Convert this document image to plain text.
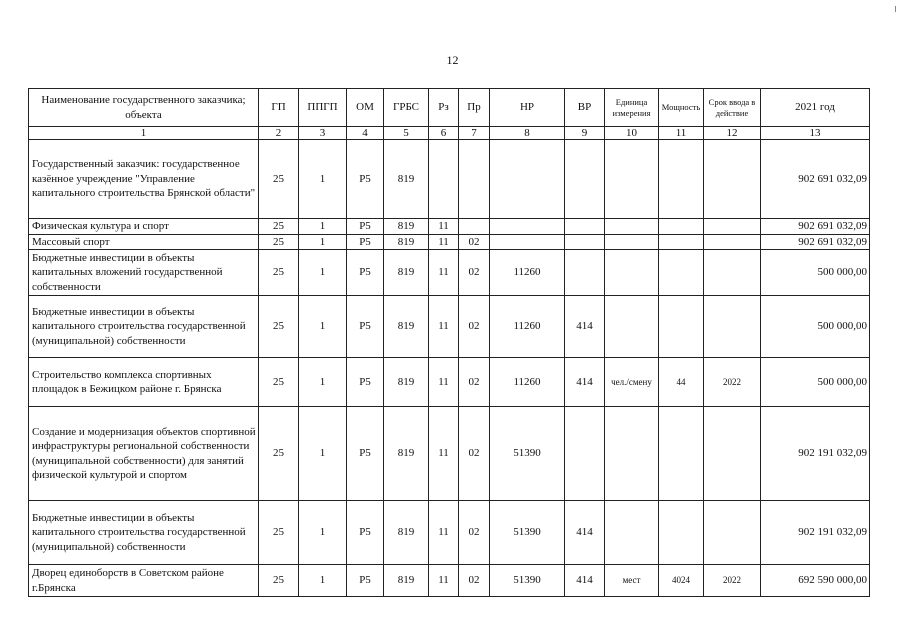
12
Наименование государственного заказчика; объекта	ГП	ППГП	ОМ	ГРБС	Рз	Пр	НР	ВР	Единица измерения	Мощность	Срок ввода в действие	2021 год
1	2	3	4	5	6	7	8	9	10	11	12	13
Государственный заказчик: государственное казённое учреждение "Управление капитального строительства Брянской области"	25	1	Р5	819								902 691 032,09
Физическая культура и спорт	25	1	Р5	819	11							902 691 032,09
Массовый спорт	25	1	Р5	819	11	02						902 691 032,09
Бюджетные инвестиции в объекты капитальных вложений государственной собственности	25	1	Р5	819	11	02	11260					500 000,00
Бюджетные инвестиции в объекты капитального строительства государственной (муниципальной) собственности	25	1	Р5	819	11	02	11260	414				500 000,00
Строительство комплекса спортивных площадок в Бежицком районе г. Брянска	25	1	Р5	819	11	02	11260	414	чел./смену	44	2022	500 000,00
Создание и модернизация объектов спортивной инфраструктуры региональной собственности (муниципальной собственности) для занятий физической культурой и спортом	25	1	Р5	819	11	02	51390					902 191 032,09
Бюджетные инвестиции в объекты капитального строительства государственной (муниципальной) собственности	25	1	Р5	819	11	02	51390	414				902 191 032,09
Дворец единоборств в Советском районе г.Брянска	25	1	Р5	819	11	02	51390	414	мест	4024	2022	692 590 000,00
